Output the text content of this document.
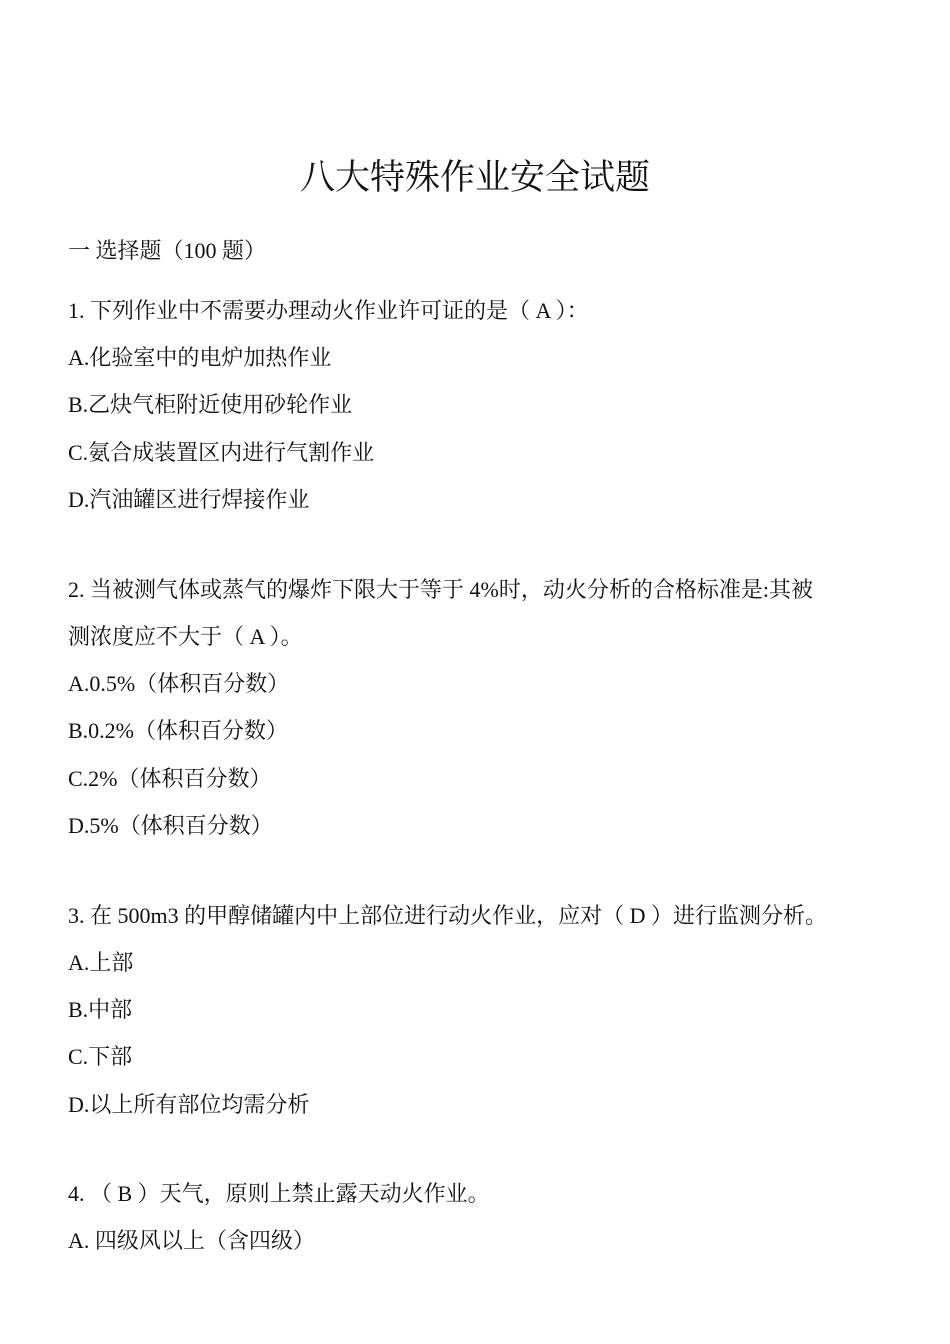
八大特殊作业安全试题
一 选择题（100 题）
1. 下列作业中不需要办理动火作业许可证的是（ A ）：
A.化验室中的电炉加热作业
B.乙炔气柜附近使用砂轮作业
C.氨合成装置区内进行气割作业
D.汽油罐区进行焊接作业
2. 当被测气体或蒸气的爆炸下限大于等于 4%时，动火分析的合格标准是:其被
测浓度应不大于（ A ）。
A.0.5%（体积百分数）
B.0.2%（体积百分数）
C.2%（体积百分数）
D.5%（体积百分数）
3. 在 500m3 的甲醇储罐内中上部位进行动火作业，应对（ D ）进行监测分析。
A.上部
B.中部
C.下部
D.以上所有部位均需分析
4. （ B ）天气，原则上禁止露天动火作业。
A. 四级风以上（含四级）
